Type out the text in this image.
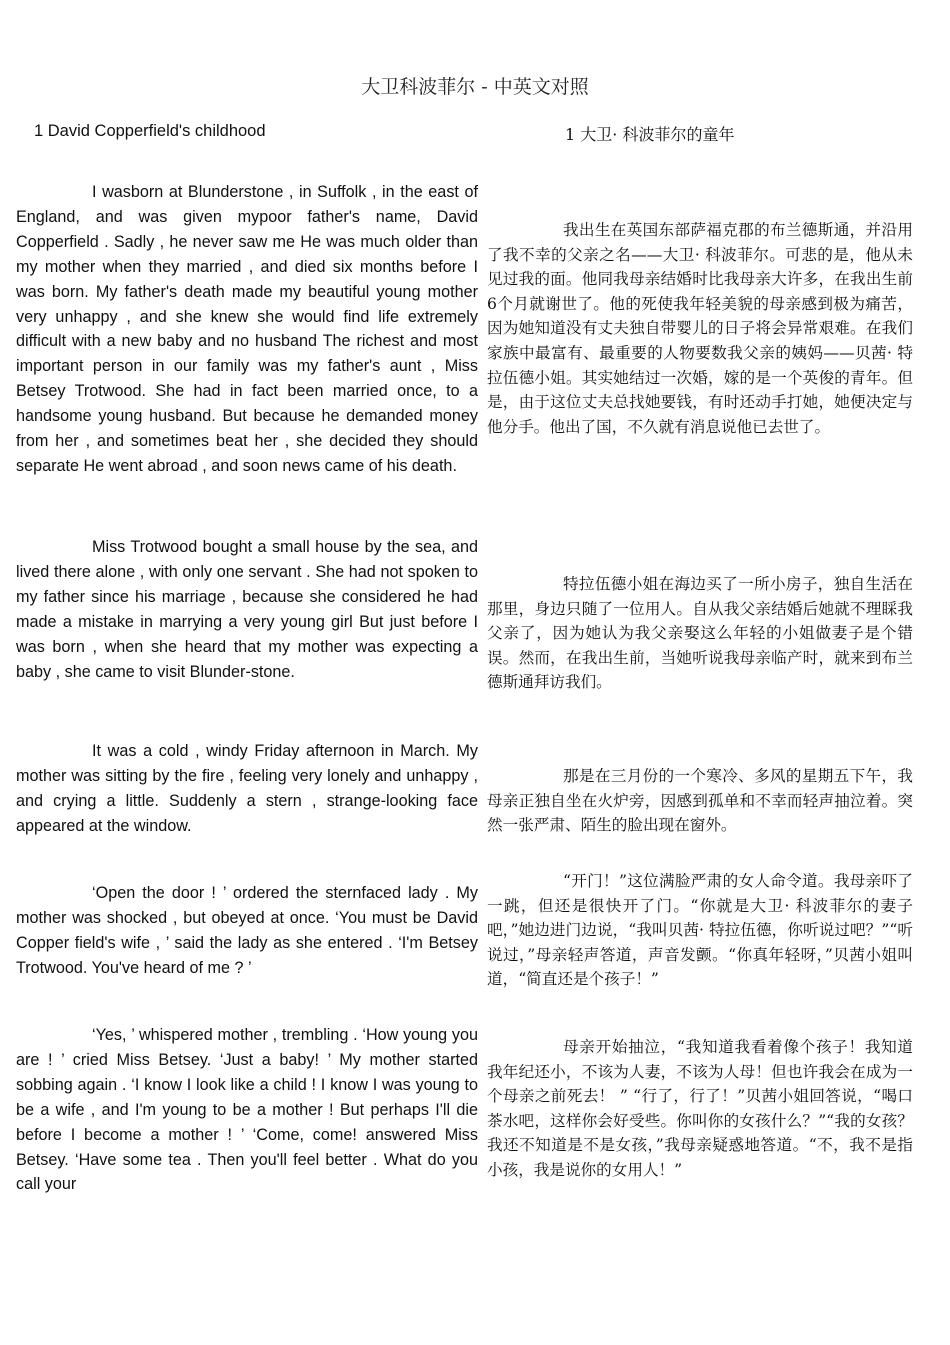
大卫科波菲尔 - 中英文对照
1 David Copperfield's childhood	1 大卫· 科波菲尔的童年

I wasborn at Blunderstone , in Suffolk , in the east of England, and was given mypoor father's name, David Copperfield . Sadly , he never saw me He was much older than my mother when they married , and died six months before I was born. My father's death made my beautiful young mother very unhappy , and she knew she would find life extremely difficult with a new baby and no husband The richest and most important person in our family was my father's aunt , Miss Betsey Trotwood. She had in fact been married once, to a handsome young husband. But because he demanded money from her , and sometimes beat her , she decided they should separate He went abroad , and soon news came of his death.

Miss Trotwood bought a small house by the sea, and lived there alone , with only one servant . She had not spoken to my father since his marriage , because she considered he had made a mistake in marrying a very young girl But just before I was born , when she heard that my mother was expecting a baby , she came to visit Blunder-stone.

It was a cold , windy Friday afternoon in March. My mother was sitting by the fire , feeling very lonely and unhappy , and crying a little. Suddenly a stern , strange-looking face appeared at the window.

‘Open the door ! ’ ordered the sternfaced lady . My mother was shocked , but obeyed at once. ‘You must be David Copper field's wife , ’ said the lady as she entered . ‘I'm Betsey Trotwood. You've heard of me ? ’

‘Yes, ’ whispered mother , trembling . ‘How young you are ! ’ cried Miss Betsey. ‘Just a baby! ’ My mother started sobbing again . ‘I know I look like a child ! I know I was young to be a wife , and I'm young to be a mother ! But perhaps I'll die before I become a mother ! ’ ‘Come, come! answered Miss Betsey. ‘Have some tea . Then you'll feel better . What do you call your

我出生在英国东部萨福克郡的布兰德斯通，并沿用了我不幸的父亲之名——大卫· 科波菲尔。可悲的是，他从未见过我的面。他同我母亲结婚时比我母亲大许多，在我出生前 6个月就谢世了。他的死使我年轻美貌的母亲感到极为痛苦，因为她知道没有丈夫独自带婴儿的日子将会异常艰难。在我们家族中最富有、最重要的人物要数我父亲的姨妈——贝茜· 特拉伍德小姐。其实她结过一次婚，嫁的是一个英俊的青年。但是，由于这位丈夫总找她要钱，有时还动手打她，她便决定与他分手。他出了国，不久就有消息说他已去世了。

特拉伍德小姐在海边买了一所小房子，独自生活在那里，身边只随了一位用人。自从我父亲结婚后她就不理睬我父亲了，因为她认为我父亲娶这么年轻的小姐做妻子是个错误。然而，在我出生前，当她听说我母亲临产时，就来到布兰德斯通拜访我们。

那是在三月份的一个寒冷、多风的星期五下午，我母亲正独自坐在火炉旁，因感到孤单和不幸而轻声抽泣着。突然一张严肃、陌生的脸出现在窗外。

“开门！”这位满脸严肃的女人命令道。我母亲吓了一跳，但还是很快开了门。“你就是大卫· 科波菲尔的妻子吧，”她边进门边说，“我叫贝茜· 特拉伍德，你听说过吧？”“听说过，”母亲轻声答道，声音发颤。“你真年轻呀，”贝茜小姐叫道，“简直还是个孩子！”

母亲开始抽泣，“我知道我看着像个孩子！我知道我年纪还小，不该为人妻，不该为人母！但也许我会在成为一个母亲之前死去！ ” “行了，行了！”贝茜小姐回答说，“喝口茶水吧，这样你会好受些。你叫你的女孩什么？”“我的女孩？我还不知道是不是女孩，”我母亲疑惑地答道。“不，我不是指小孩，我是说你的女用人！”
